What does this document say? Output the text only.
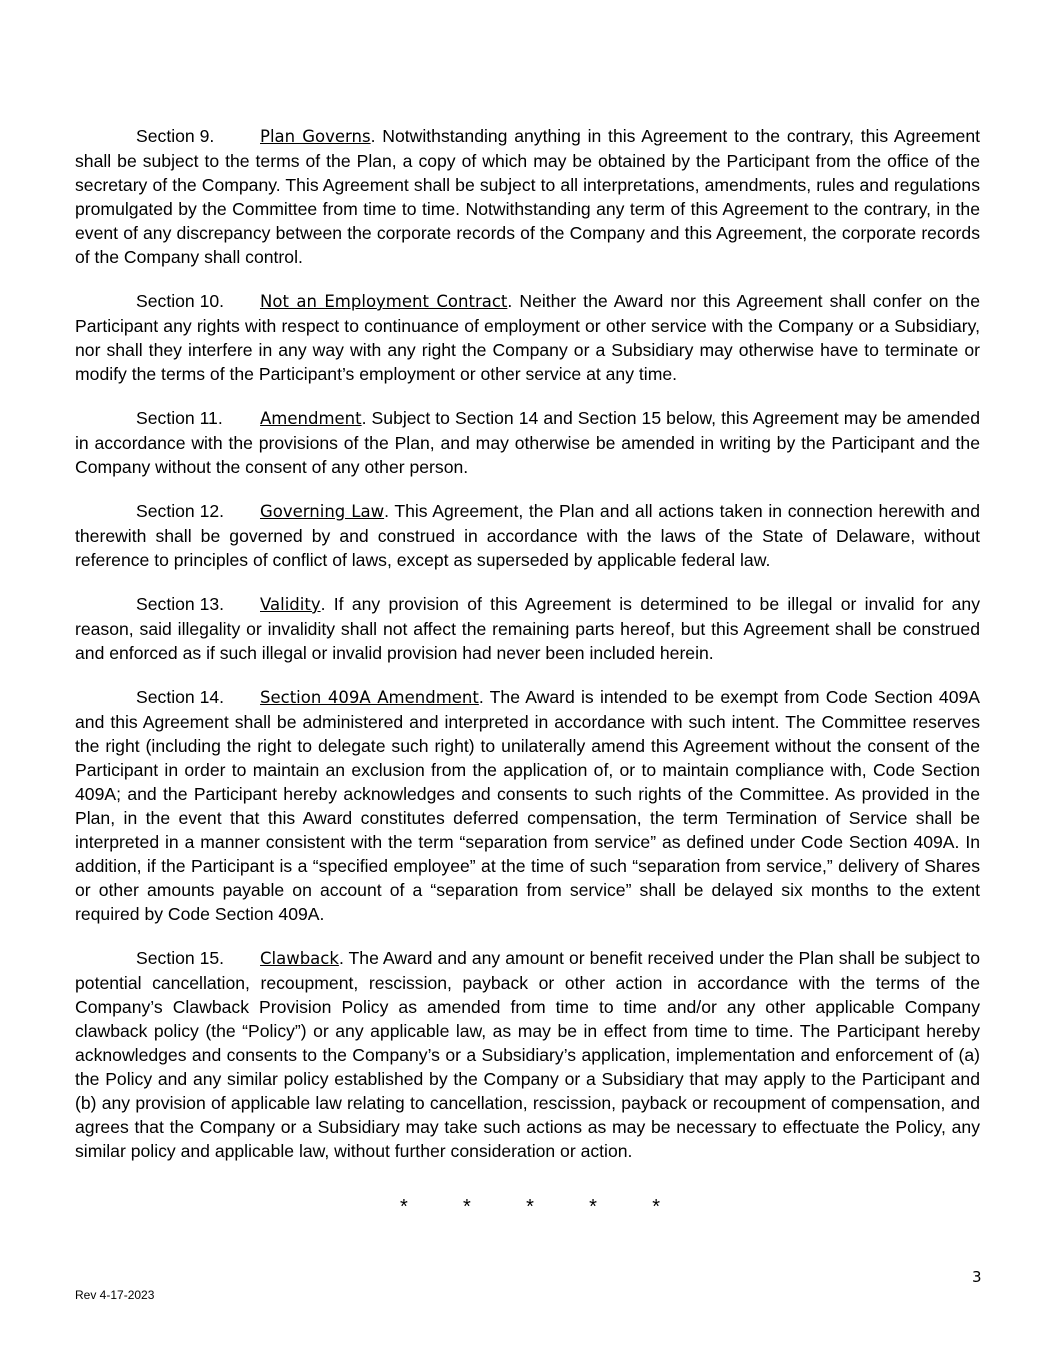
Section 9.	Plan Governs. Notwithstanding anything in this Agreement to the contrary, this Agreement shall be subject to the terms of the Plan, a copy of which may be obtained by the Participant from the office of the secretary of the Company. This Agreement shall be subject to all interpretations, amendments, rules and regulations promulgated by the Committee from time to time. Notwithstanding any term of this Agreement to the contrary, in the event of any discrepancy between the corporate records of the Company and this Agreement, the corporate records of the Company shall control.

Section 10. Not an Employment Contract. Neither the Award nor this Agreement shall confer on the Participant any rights with respect to continuance of employment or other service with the Company or a Subsidiary, nor shall they interfere in any way with any right the Company or a Subsidiary may otherwise have to terminate or modify the terms of the Participant’s employment or other service at any time.

Section 11. Amendment. Subject to Section 14 and Section 15 below, this Agreement may be amended in accordance with the provisions of the Plan, and may otherwise be amended in writing by the Participant and the Company without the consent of any other person.

Section 12. Governing Law. This Agreement, the Plan and all actions taken in connection herewith and therewith shall be governed by and construed in accordance with the laws of the State of Delaware, without reference to principles of conflict of laws, except as superseded by applicable federal law.

Section 13. Validity. If any provision of this Agreement is determined to be illegal or invalid for any reason, said illegality or invalidity shall not affect the remaining parts hereof, but this Agreement shall be construed and enforced as if such illegal or invalid provision had never been included herein.

Section 14. Section 409A Amendment. The Award is intended to be exempt from Code Section 409A and this Agreement shall be administered and interpreted in accordance with such intent. The Committee reserves the right (including the right to delegate such right) to unilaterally amend this Agreement without the consent of the Participant in order to maintain an exclusion from the application of, or to maintain compliance with, Code Section 409A; and the Participant hereby acknowledges and consents to such rights of the Committee. As provided in the Plan, in the event that this Award constitutes deferred compensation, the term Termination of Service shall be interpreted in a manner consistent with the term “separation from service” as defined under Code Section 409A. In addition, if the Participant is a “specified employee” at the time of such “separation from service,” delivery of Shares or other amounts payable on account of a “separation from service” shall be delayed six months to the extent required by Code Section 409A.

Section 15. Clawback. The Award and any amount or benefit received under the Plan shall be subject to potential cancellation, recoupment, rescission, payback or other action in accordance with the terms of the Company’s Clawback Provision Policy as amended from time to time and/or any other applicable Company clawback policy (the “Policy”) or any applicable law, as may be in effect from time to time. The Participant hereby acknowledges and consents to the Company’s or a Subsidiary’s application, implementation and enforcement of (a) the Policy and any similar policy established by the Company or a Subsidiary that may apply to the Participant and (b) any provision of applicable law relating to cancellation, rescission, payback or recoupment of compensation, and agrees that the Company or a Subsidiary may take such actions as may be necessary to effectuate the Policy, any similar policy and applicable law, without further consideration or action.

*	*	*	*	*
3
Rev 4-17-2023
